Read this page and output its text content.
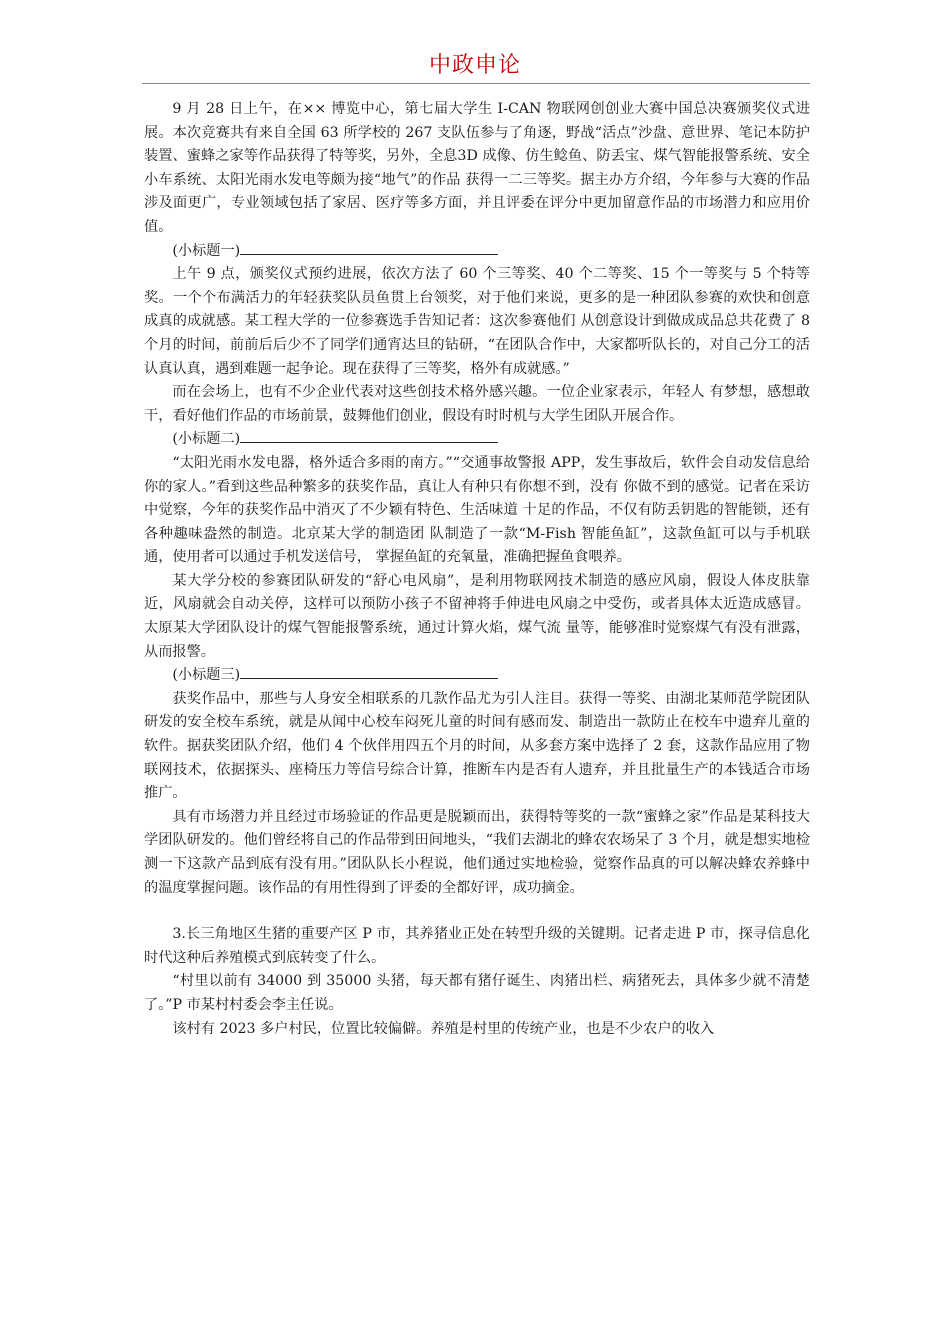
中政申论

9 月 28 日上午，在×× 博览中心，第七届大学生 I-CAN 物联网创创业大赛中国总决赛颁奖仪式进展。本次竞赛共有来自全国 63 所学校的 267 支队伍参与了角逐，野战“活点”沙盘、意世界、笔记本防护装置、蜜蜂之家等作品获得了特等奖，另外，全息3D 成像、仿生鲶鱼、防丢宝、煤气智能报警系统、安全小车系统、太阳光雨水发电等颇为接“地气”的作品 获得一二三等奖。据主办方介绍，今年参与大赛的作品涉及面更广，专业领域包括了家居、医疗等多方面，并且评委在评分中更加留意作品的市场潜力和应用价值。

(小标题一)

上午 9 点，颁奖仪式预约进展，依次方法了 60 个三等奖、40 个二等奖、15 个一等奖与 5 个特等奖。一个个布满活力的年轻获奖队员鱼贯上台领奖，对于他们来说，更多的是一种团队参赛的欢快和创意成真的成就感。某工程大学的一位参赛选手告知记者：这次参赛他们 从创意设计到做成成品总共花费了 8 个月的时间，前前后后少不了同学们通宵达旦的钻研，“在团队合作中，大家都听队长的，对自己分工的活认真认真，遇到难题一起争论。现在获得了三等奖，格外有成就感。”

而在会场上，也有不少企业代表对这些创技术格外感兴趣。一位企业家表示，年轻人 有梦想，感想敢干，看好他们作品的市场前景，鼓舞他们创业，假设有时时机与大学生团队开展合作。

(小标题二)

“太阳光雨水发电器，格外适合多雨的南方。”“交通事故警报 APP，发生事故后，软件会自动发信息给你的家人。”看到这些品种繁多的获奖作品，真让人有种只有你想不到，没有 你做不到的感觉。记者在采访中觉察，今年的获奖作品中消灭了不少颖有特色、生活味道 十足的作品，不仅有防丢钥匙的智能锁，还有各种趣味盎然的制造。北京某大学的制造团 队制造了一款“M-Fish 智能鱼缸”，这款鱼缸可以与手机联通，使用者可以通过手机发送信号， 掌握鱼缸的充氧量，准确把握鱼食喂养。

某大学分校的参赛团队研发的“舒心电风扇”，是利用物联网技术制造的感应风扇，假设人体皮肤靠近，风扇就会自动关停，这样可以预防小孩子不留神将手伸进电风扇之中受伤，或者具体太近造成感冒。太原某大学团队设计的煤气智能报警系统，通过计算火焰，煤气流 量等，能够准时觉察煤气有没有泄露，从而报警。

(小标题三)

获奖作品中，那些与人身安全相联系的几款作品尤为引人注目。获得一等奖、由湖北某师范学院团队研发的安全校车系统，就是从闻中心校车闷死儿童的时间有感而发、制造出一款防止在校车中遗弃儿童的软件。据获奖团队介绍，他们 4 个伙伴用四五个月的时间，从多套方案中选择了 2 套，这款作品应用了物联网技术，依据探头、座椅压力等信号综合计算，推断车内是否有人遗弃，并且批量生产的本钱适合市场推广。

具有市场潜力并且经过市场验证的作品更是脱颖而出，获得特等奖的一款“蜜蜂之家”作品是某科技大学团队研发的。他们曾经将自己的作品带到田间地头，“我们去湖北的蜂农农场呆了 3 个月，就是想实地检测一下这款产品到底有没有用。”团队队长小程说，他们通过实地检验，觉察作品真的可以解决蜂农养蜂中的温度掌握问题。该作品的有用性得到了评委的全都好评，成功摘金。

3.长三角地区生猪的重要产区 P 市，其养猪业正处在转型升级的关键期。记者走进 P 市，探寻信息化时代这种后养殖模式到底转变了什么。

“村里以前有 34000 到 35000 头猪，每天都有猪仔诞生、肉猪出栏、病猪死去，具体多少就不清楚了。”P 市某村村委会李主任说。

该村有 2023 多户村民，位置比较偏僻。养殖是村里的传统产业，也是不少农户的收入
